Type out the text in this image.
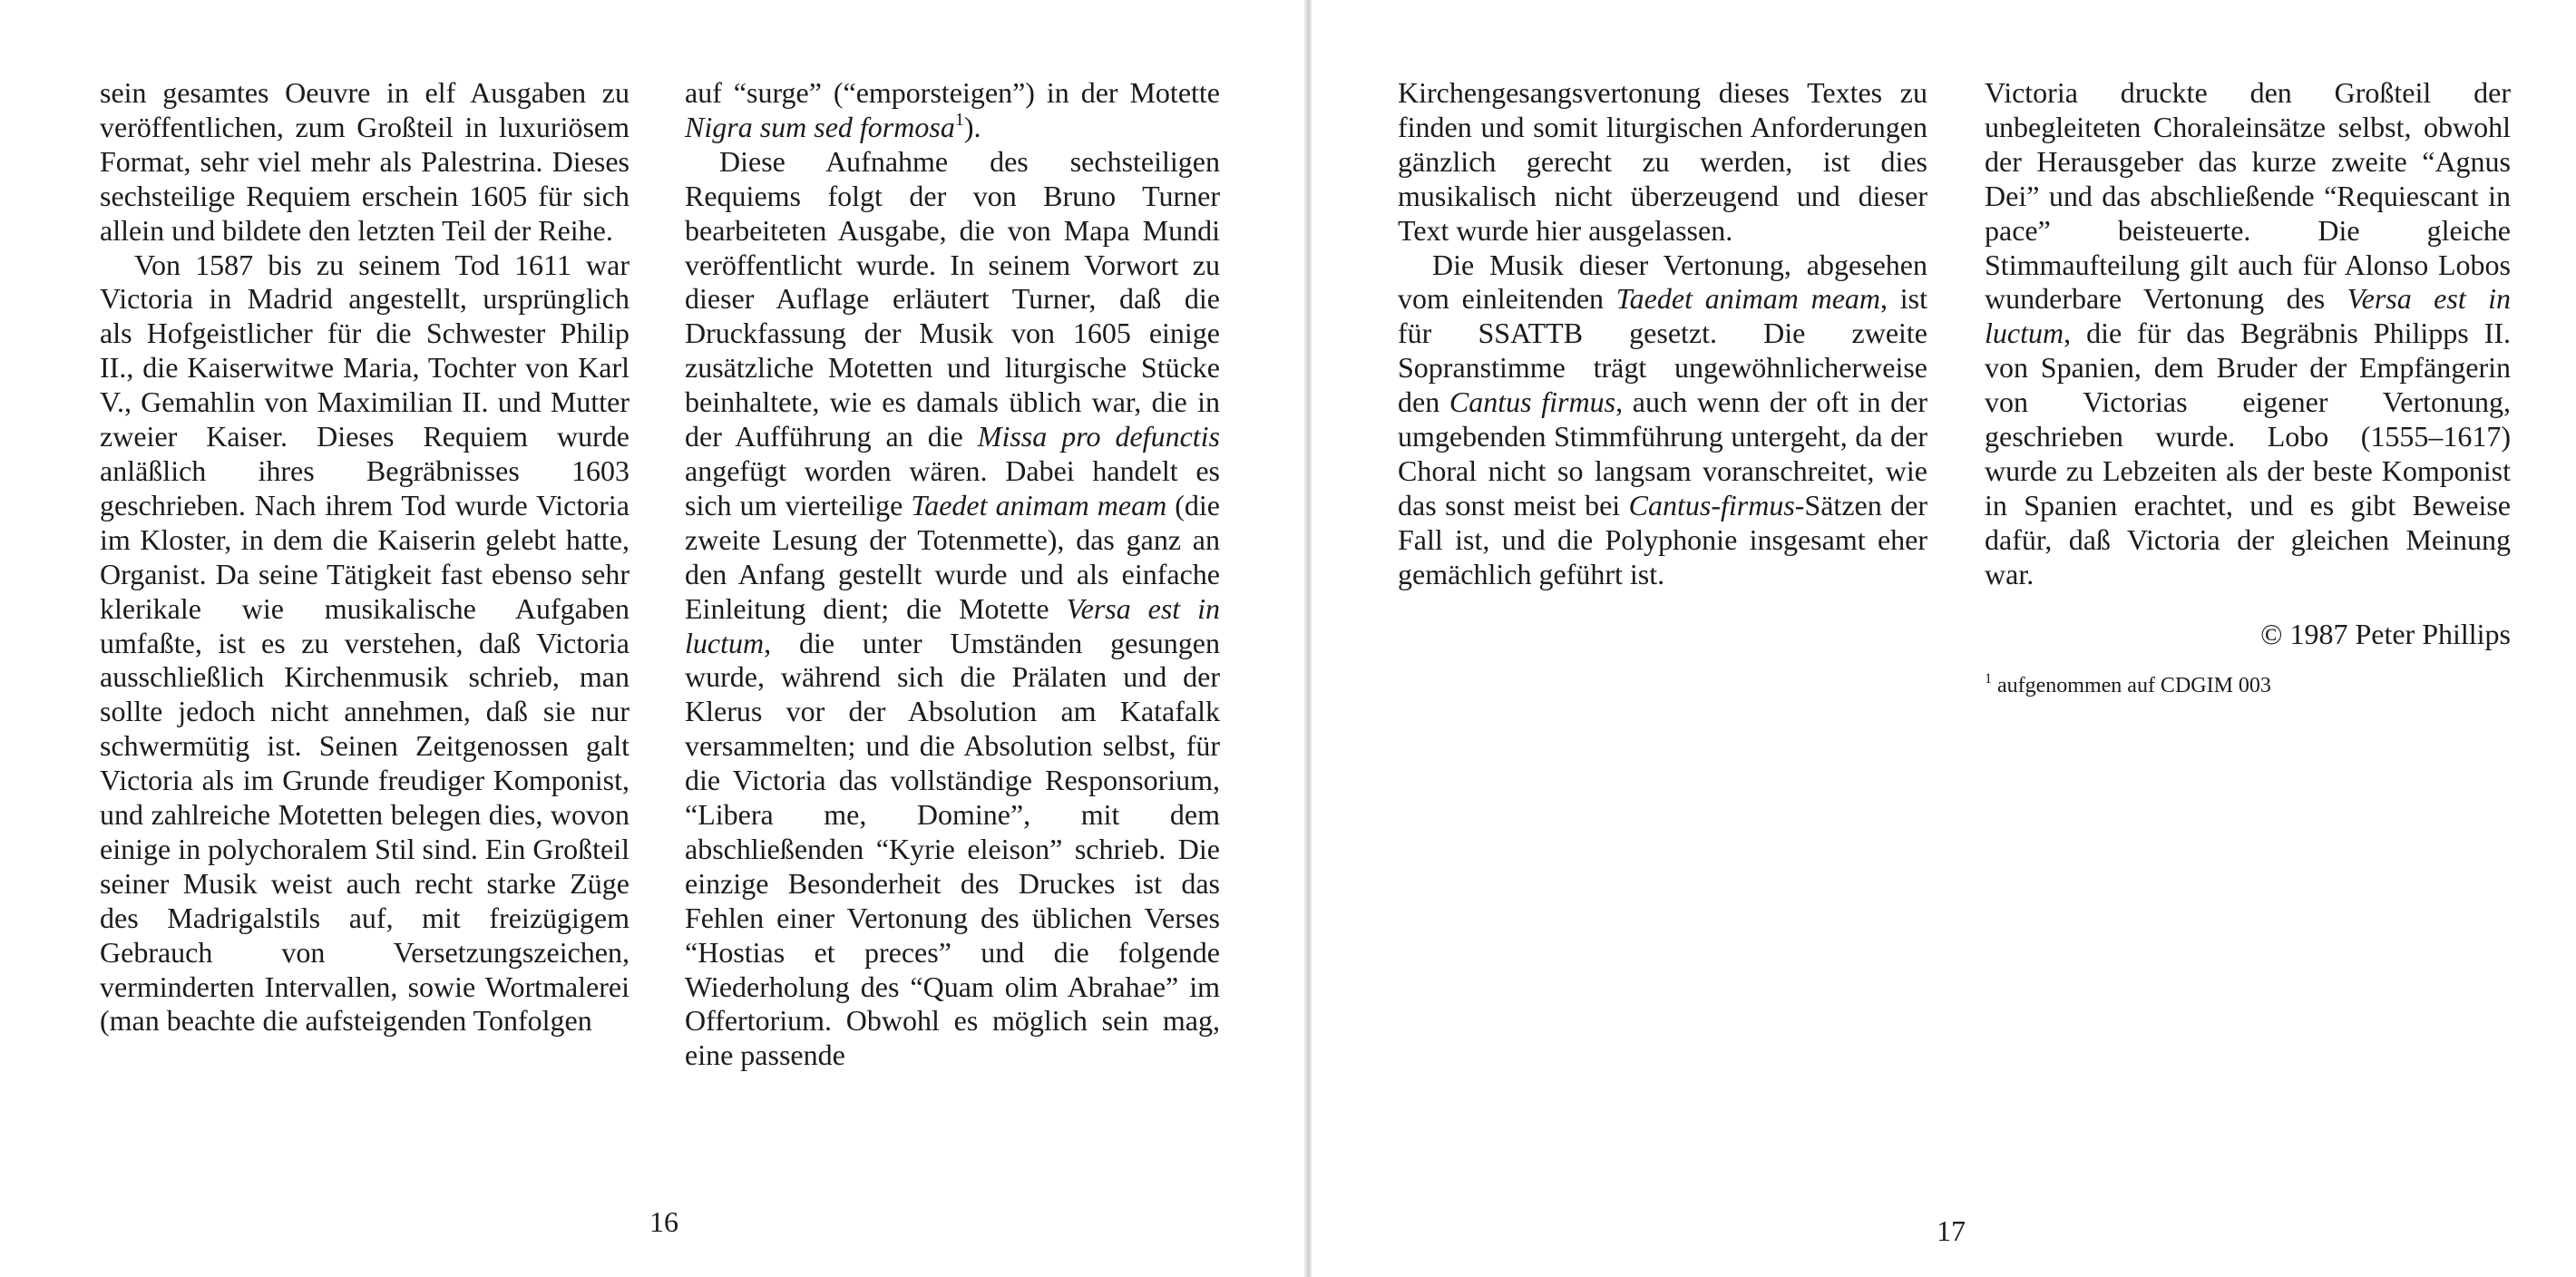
sein gesamtes Oeuvre in elf Ausgaben zu veröffentlichen, zum Großteil in luxuriösem Format, sehr viel mehr als Palestrina. Dieses sechsteilige Requiem erschein 1605 für sich allein und bildete den letzten Teil der Reihe.

Von 1587 bis zu seinem Tod 1611 war Victoria in Madrid angestellt, ursprünglich als Hofgeistlicher für die Schwester Philip II., die Kaiserwitwe Maria, Tochter von Karl V., Gemahlin von Maximilian II. und Mutter zweier Kaiser. Dieses Requiem wurde anläßlich ihres Begräbnisses 1603 geschrieben. Nach ihrem Tod wurde Victoria im Kloster, in dem die Kaiserin gelebt hatte, Organist. Da seine Tätigkeit fast ebenso sehr klerikale wie musikalische Aufgaben umfaßte, ist es zu verstehen, daß Victoria ausschließlich Kirchenmusik schrieb, man sollte jedoch nicht annehmen, daß sie nur schwermütig ist. Seinen Zeitgenossen galt Victoria als im Grunde freudiger Komponist, und zahlreiche Motetten belegen dies, wovon einige in polychoralem Stil sind. Ein Großteil seiner Musik weist auch recht starke Züge des Madrigalstils auf, mit freizügigem Gebrauch von Versetzungszeichen, verminderten Intervallen, sowie Wortmalerei (man beachte die aufsteigenden Tonfolgen

auf “surge” (“emporsteigen”) in der Motette Nigra sum sed formosa$^1$).

Diese Aufnahme des sechsteiligen Requiems folgt der von Bruno Turner bearbeiteten Ausgabe, die von Mapa Mundi veröffentlicht wurde. In seinem Vorwort zu dieser Auflage erläutert Turner, daß die Druckfassung der Musik von 1605 einige zusätzliche Motetten und liturgische Stücke beinhaltete, wie es damals üblich war, die in der Aufführung an die Missa pro defunctis angefügt worden wären. Dabei handelt es sich um vierteilige Taedet animam meam (die zweite Lesung der Totenmette), das ganz an den Anfang gestellt wurde und als einfache Einleitung dient; die Motette Versa est in luctum, die unter Umständen gesungen wurde, während sich die Prälaten und der Klerus vor der Absolution am Katafalk versammelten; und die Absolution selbst, für die Victoria das vollständige Responsorium, “Libera me, Domine”, mit dem abschließenden “Kyrie eleison” schrieb. Die einzige Besonderheit des Druckes ist das Fehlen einer Vertonung des üblichen Verses “Hostias et preces” und die folgende Wiederholung des “Quam olim Abrahae” im Offertorium. Obwohl es möglich sein mag, eine passende

16

Kirchengesangsvertonung dieses Textes zu finden und somit liturgischen Anforderungen gänzlich gerecht zu werden, ist dies musikalisch nicht überzeugend und dieser Text wurde hier ausgelassen.

Die Musik dieser Vertonung, abgesehen vom einleitenden Taedet animam meam, ist für SSATTB gesetzt. Die zweite Sopranstimme trägt ungewöhnlicherweise den Cantus firmus, auch wenn der oft in der umgebenden Stimmführung untergeht, da der Choral nicht so langsam voranschreitet, wie das sonst meist bei Cantus-firmus-Sätzen der Fall ist, und die Polyphonie insgesamt eher gemächlich geführt ist.

Victoria druckte den Großteil der unbegleiteten Choraleinsätze selbst, obwohl der Herausgeber das kurze zweite “Agnus Dei” und das abschließende “Requiescant in pace” beisteuerte. Die gleiche Stimmaufteilung gilt auch für Alonso Lobos wunderbare Vertonung des Versa est in luctum, die für das Begräbnis Philipps II. von Spanien, dem Bruder der Empfängerin von Victorias eigener Vertonung, geschrieben wurde. Lobo (1555–1617) wurde zu Lebzeiten als der beste Komponist in Spanien erachtet, und es gibt Beweise dafür, daß Victoria der gleichen Meinung war.

© 1987 Peter Phillips

$^1$ aufgenommen auf CDGIM 003

17
